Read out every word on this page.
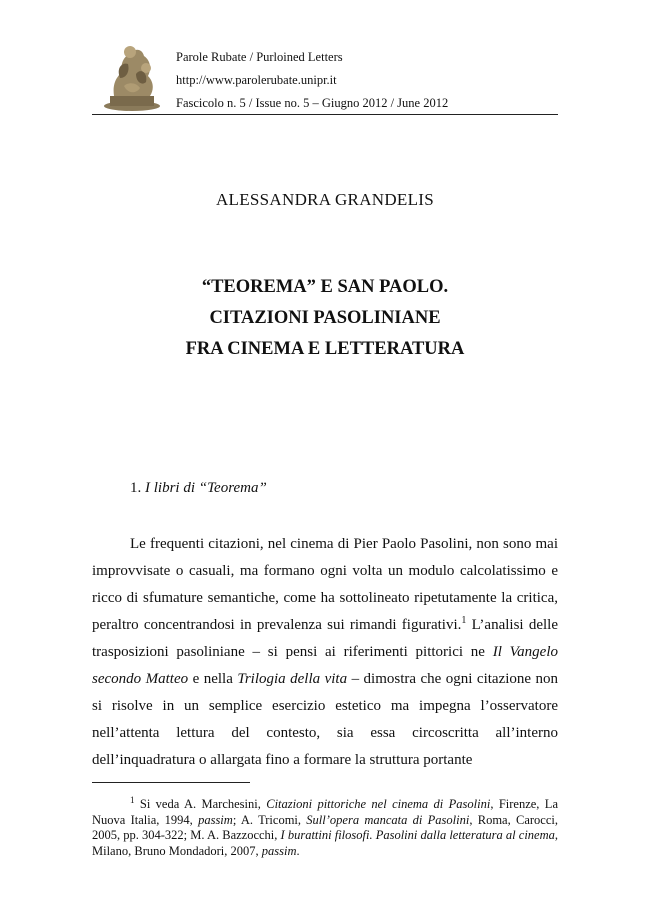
Parole Rubate / Purloined Letters
http://www.parolerubate.unipr.it
Fascicolo n. 5 / Issue no. 5 – Giugno 2012 / June 2012
ALESSANDRA GRANDELIS
“TEOREMA” E SAN PAOLO.
CITAZIONI PASOLINIANE
FRA CINEMA E LETTERATURA
1. I libri di “Teorema”

Le frequenti citazioni, nel cinema di Pier Paolo Pasolini, non sono mai improvvisate o casuali, ma formano ogni volta un modulo calcolatissimo e ricco di sfumature semantiche, come ha sottolineato ripetutamente la critica, peraltro concentrandosi in prevalenza sui rimandi figurativi.$^1$ L’analisi delle trasposizioni pasoliniane – si pensi ai riferimenti pittorici ne Il Vangelo secondo Matteo e nella Trilogia della vita – dimostra che ogni citazione non si risolve in un semplice esercizio estetico ma impegna l’osservatore nell’attenta lettura del contesto, sia essa circoscritta all’interno dell’inquadratura o allargata fino a formare la struttura portante

$^1$ Si veda A. Marchesini, Citazioni pittoriche nel cinema di Pasolini, Firenze, La Nuova Italia, 1994, passim; A. Tricomi, Sull’opera mancata di Pasolini, Roma, Carocci, 2005, pp. 304-322; M. A. Bazzocchi, I burattini filosofi. Pasolini dalla letteratura al cinema, Milano, Bruno Mondadori, 2007, passim.
